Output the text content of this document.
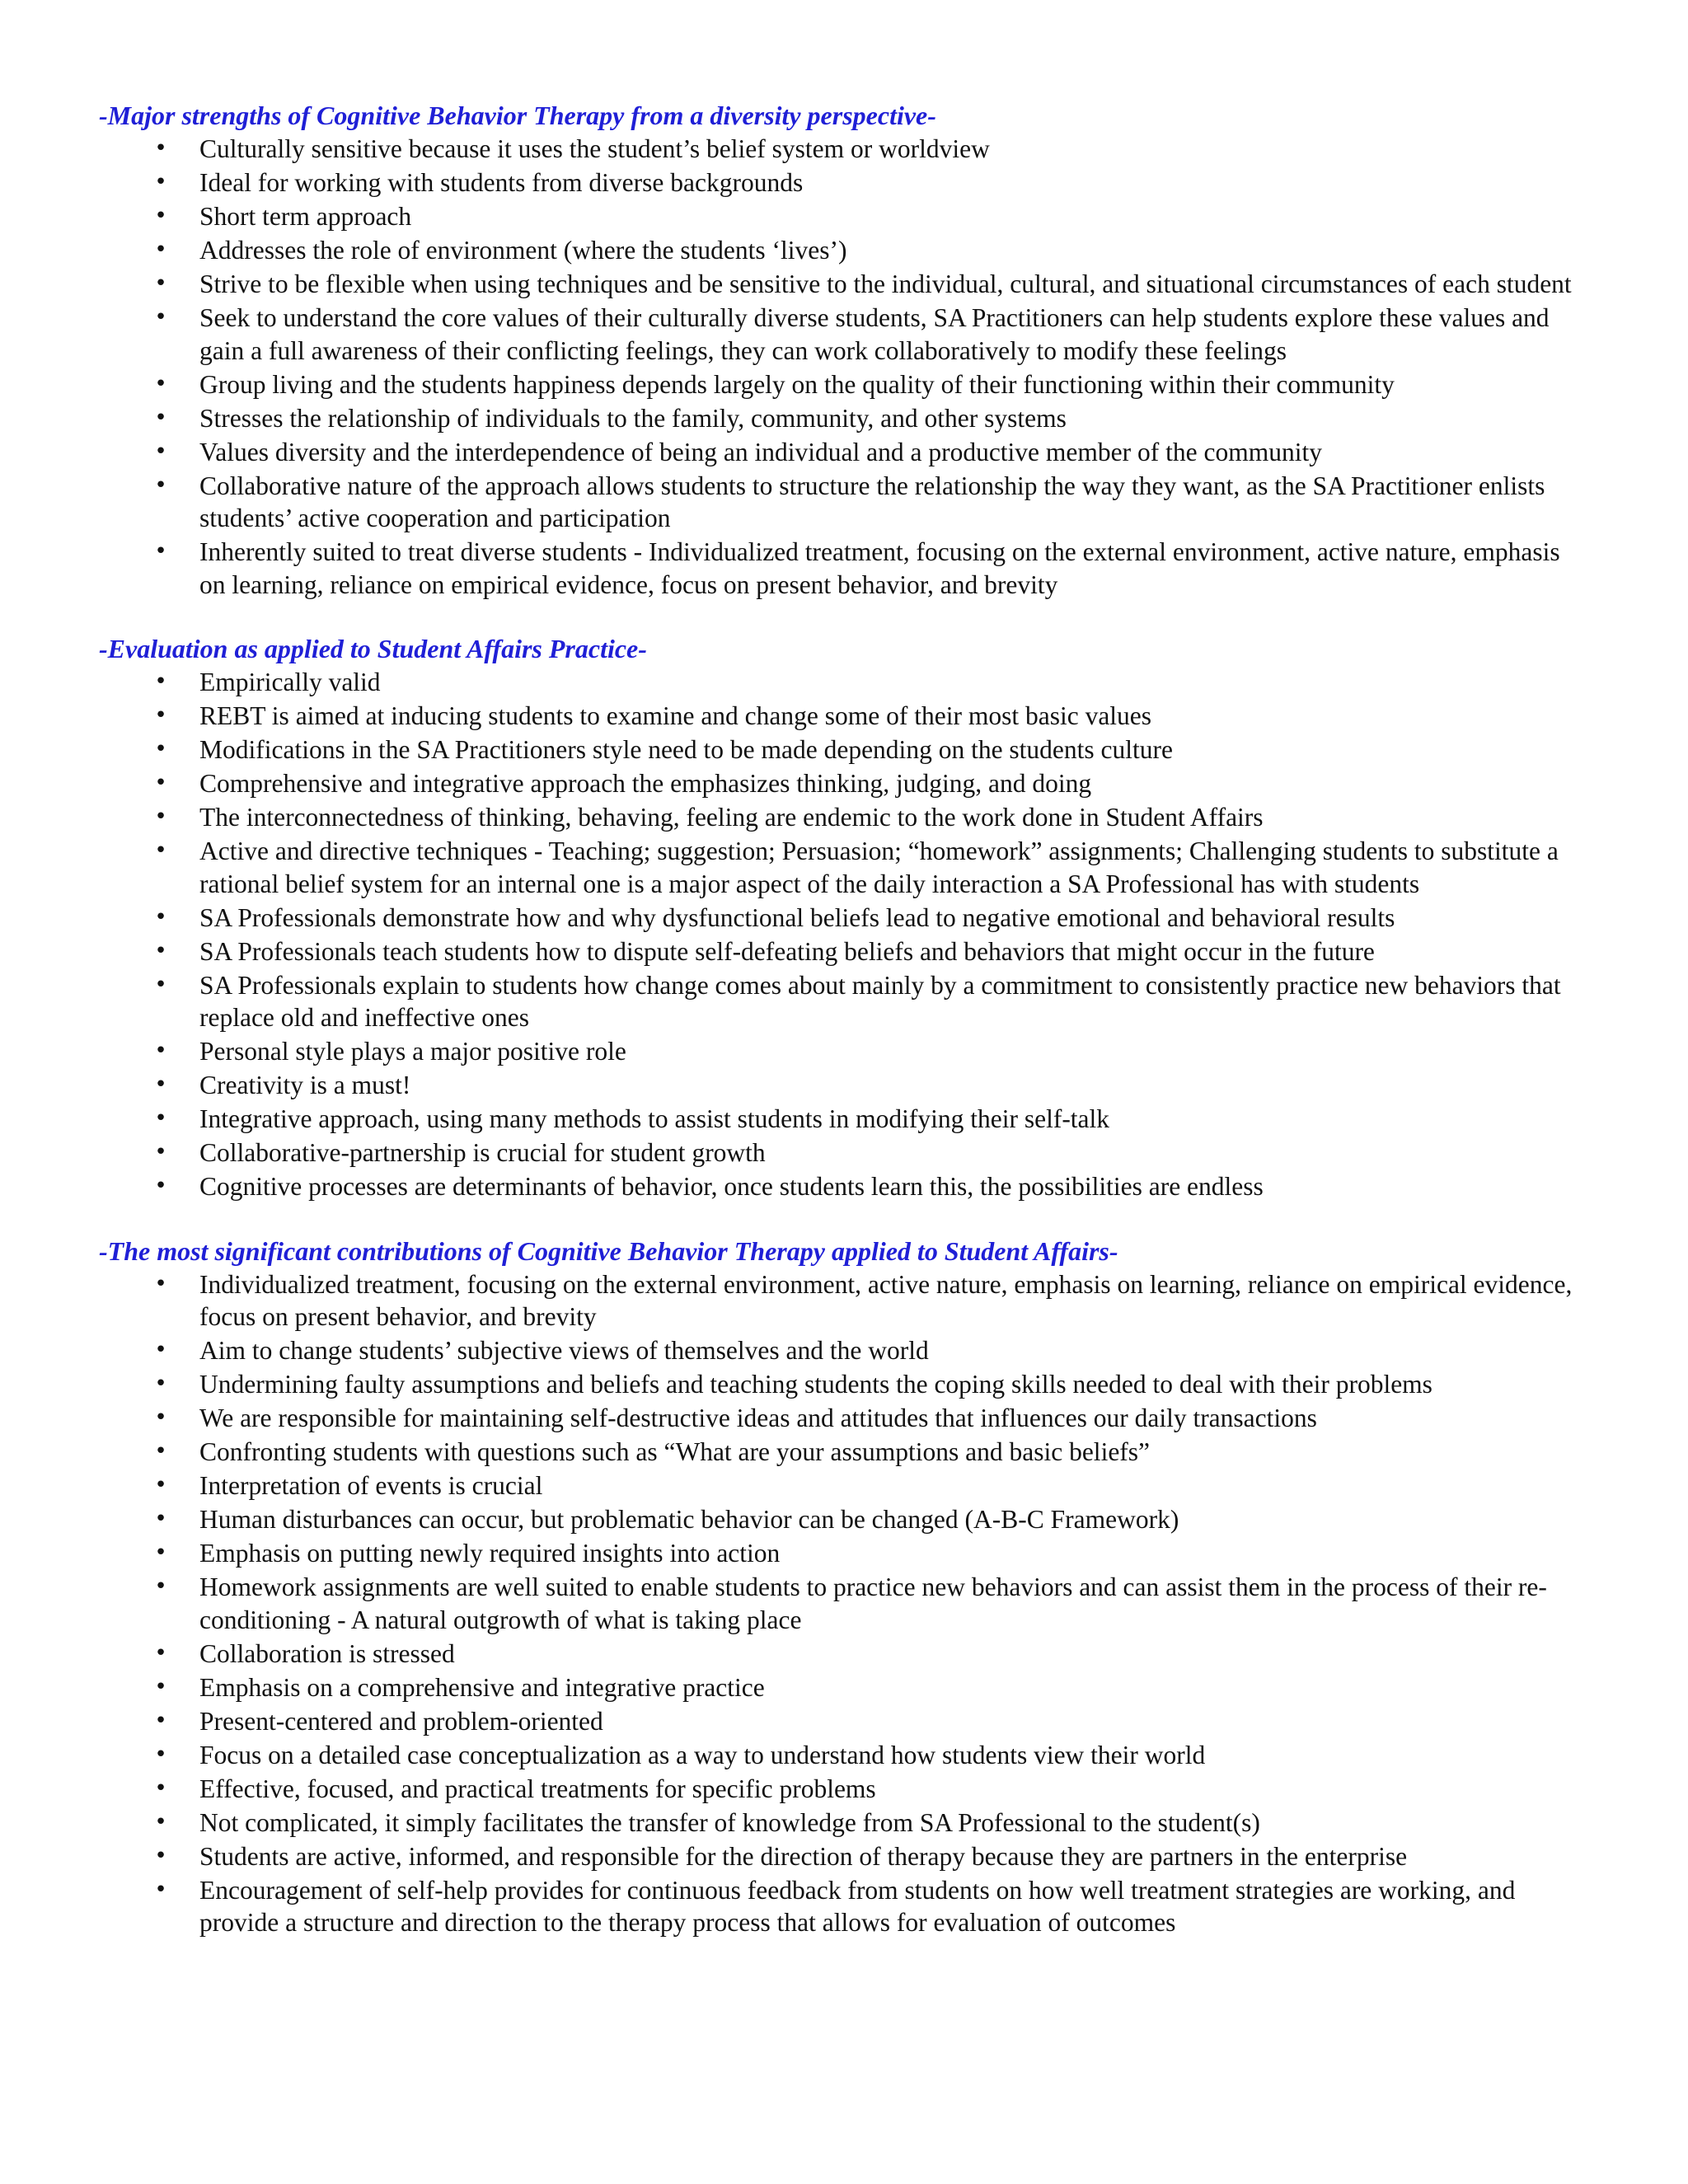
-Major strengths of Cognitive Behavior Therapy from a diversity perspective-
• Culturally sensitive because it uses the student’s belief system or worldview
• Ideal for working with students from diverse backgrounds
• Short term approach
• Addresses the role of environment (where the students ‘lives’)
• Strive to be flexible when using techniques and be sensitive to the individual, cultural, and situational circumstances of each student
• Seek to understand the core values of their culturally diverse students, SA Practitioners can help students explore these values and gain a full awareness of their conflicting feelings, they can work collaboratively to modify these feelings
• Group living and the students happiness depends largely on the quality of their functioning within their community
• Stresses the relationship of individuals to the family, community, and other systems
• Values diversity and the interdependence of being an individual and a productive member of the community
• Collaborative nature of the approach allows students to structure the relationship the way they want, as the SA Practitioner enlists students’ active cooperation and participation
• Inherently suited to treat diverse students - Individualized treatment, focusing on the external environment, active nature, emphasis on learning, reliance on empirical evidence, focus on present behavior, and brevity
-Evaluation as applied to Student Affairs Practice-
• Empirically valid
• REBT is aimed at inducing students to examine and change some of their most basic values
• Modifications in the SA Practitioners style need to be made depending on the students culture
• Comprehensive and integrative approach the emphasizes thinking, judging, and doing
• The interconnectedness of thinking, behaving, feeling are endemic to the work done in Student Affairs
• Active and directive techniques - Teaching; suggestion; Persuasion; “homework” assignments; Challenging students to substitute a rational belief system for an internal one is a major aspect of the daily interaction a SA Professional has with students
• SA Professionals demonstrate how and why dysfunctional beliefs lead to negative emotional and behavioral results
• SA Professionals teach students how to dispute self-defeating beliefs and behaviors that might occur in the future
• SA Professionals explain to students how change comes about mainly by a commitment to consistently practice new behaviors that replace old and ineffective ones
• Personal style plays a major positive role
• Creativity is a must!
• Integrative approach, using many methods to assist students in modifying their self-talk
• Collaborative-partnership is crucial for student growth
• Cognitive processes are determinants of behavior, once students learn this, the possibilities are endless
-The most significant contributions of Cognitive Behavior Therapy applied to Student Affairs-
• Individualized treatment, focusing on the external environment, active nature, emphasis on learning, reliance on empirical evidence, focus on present behavior, and brevity
• Aim to change students’ subjective views of themselves and the world
• Undermining faulty assumptions and beliefs and teaching students the coping skills needed to deal with their problems
• We are responsible for maintaining self-destructive ideas and attitudes that influences our daily transactions
• Confronting students with questions such as “What are your assumptions and basic beliefs”
• Interpretation of events is crucial
• Human disturbances can occur, but problematic behavior can be changed (A-B-C Framework)
• Emphasis on putting newly required insights into action
• Homework assignments are well suited to enable students to practice new behaviors and can assist them in the process of their re-conditioning - A natural outgrowth of what is taking place
• Collaboration is stressed
• Emphasis on a comprehensive and integrative practice
• Present-centered and problem-oriented
• Focus on a detailed case conceptualization as a way to understand how students view their world
• Effective, focused, and practical treatments for specific problems
• Not complicated, it simply facilitates the transfer of knowledge from SA Professional to the student(s)
• Students are active, informed, and responsible for the direction of therapy because they are partners in the enterprise
• Encouragement of self-help provides for continuous feedback from students on how well treatment strategies are working, and provide a structure and direction to the therapy process that allows for evaluation of outcomes
